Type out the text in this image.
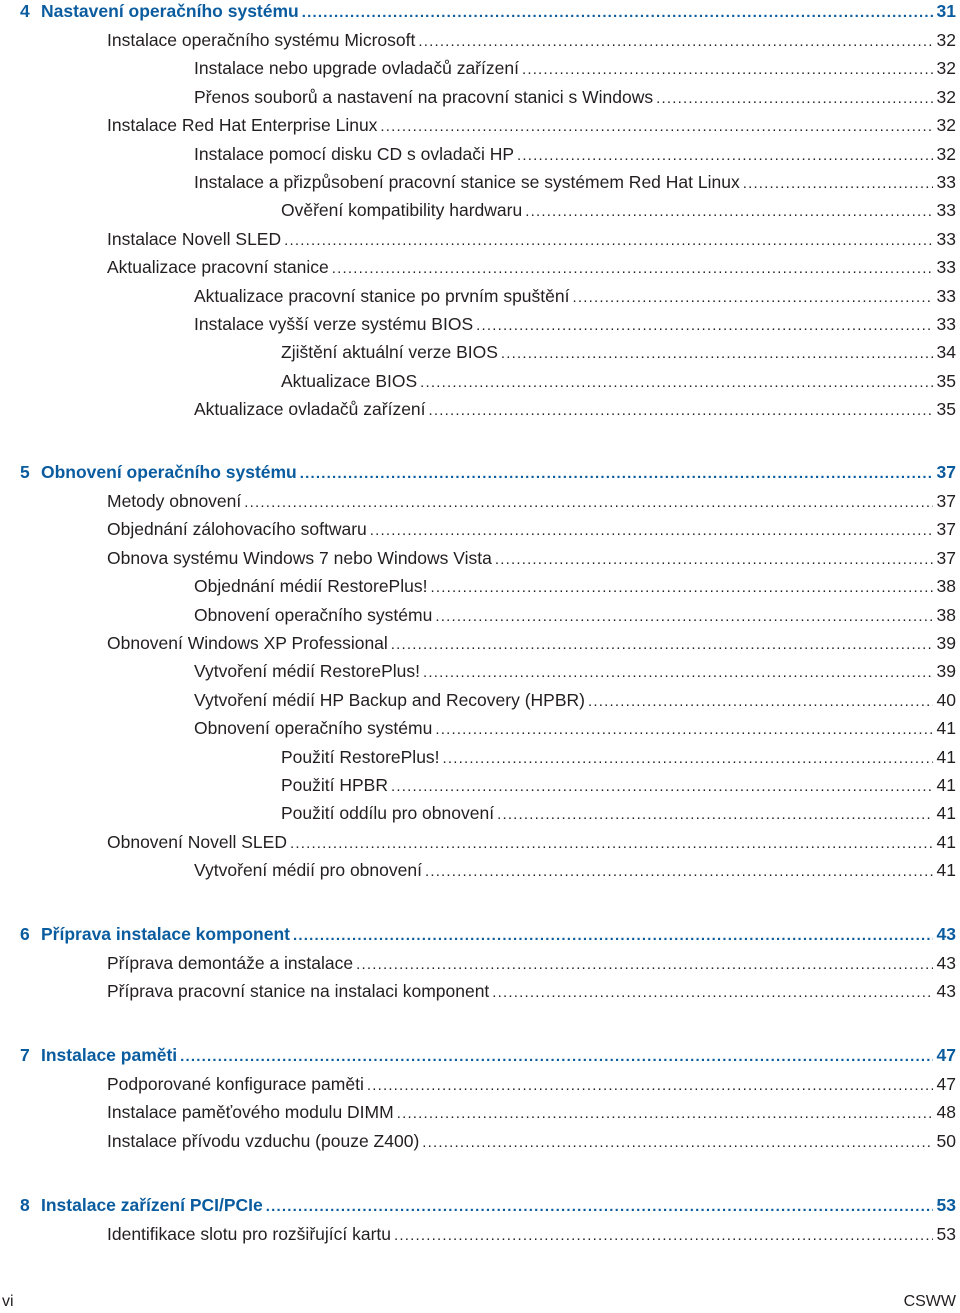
4 Nastavení operačního systému .....	31
Instalace operačního systému Microsoft .....	32
Instalace nebo upgrade ovladačů zařízení .....	32
Přenos souborů a nastavení na pracovní stanici s Windows .....	32
Instalace Red Hat Enterprise Linux .....	32
Instalace pomocí disku CD s ovladači HP .....	32
Instalace a přizpůsobení pracovní stanice se systémem Red Hat Linux .....	33
Ověření kompatibility hardwaru .....	33
Instalace Novell SLED .....	33
Aktualizace pracovní stanice .....	33
Aktualizace pracovní stanice po prvním spuštění .....	33
Instalace vyšší verze systému BIOS .....	33
Zjištění aktuální verze BIOS .....	34
Aktualizace BIOS .....	35
Aktualizace ovladačů zařízení .....	35
5 Obnovení operačního systému .....	37
Metody obnovení .....	37
Objednání zálohovacího softwaru .....	37
Obnova systému Windows 7 nebo Windows Vista .....	37
Objednání médií RestorePlus! .....	38
Obnovení operačního systému .....	38
Obnovení Windows XP Professional .....	39
Vytvoření médií RestorePlus! .....	39
Vytvoření médií HP Backup and Recovery (HPBR) .....	40
Obnovení operačního systému .....	41
Použití RestorePlus! .....	41
Použití HPBR .....	41
Použití oddílu pro obnovení .....	41
Obnovení Novell SLED .....	41
Vytvoření médií pro obnovení .....	41
6 Příprava instalace komponent .....	43
Příprava demontáže a instalace .....	43
Příprava pracovní stanice na instalaci komponent .....	43
7 Instalace paměti .....	47
Podporované konfigurace paměti .....	47
Instalace paměťového modulu DIMM .....	48
Instalace přívodu vzduchu (pouze Z400) .....	50
8 Instalace zařízení PCI/PCIe .....	53
Identifikace slotu pro rozšiřující kartu .....	53
vi	CSWW
